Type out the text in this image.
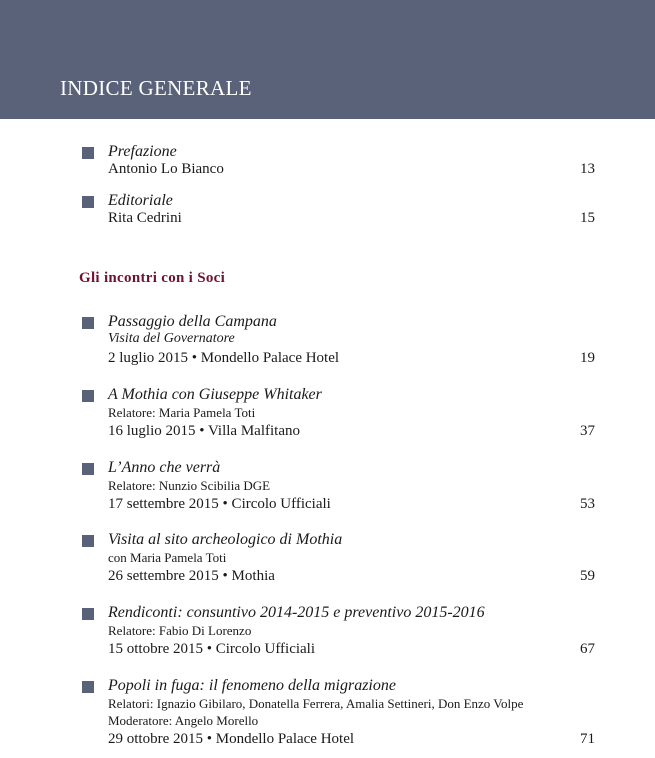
INDICE GENERALE
Prefazione
Antonio Lo Bianco	13
Editoriale
Rita Cedrini	15
Gli incontri con i Soci
Passaggio della Campana
Visita del Governatore
2 luglio 2015 • Mondello Palace Hotel	19
A Mothia con Giuseppe Whitaker
Relatore: Maria Pamela Toti
16 luglio 2015 • Villa Malfitano	37
L’Anno che verrà
Relatore: Nunzio Scibilia DGE
17 settembre 2015 • Circolo Ufficiali	53
Visita al sito archeologico di Mothia
con Maria Pamela Toti
26 settembre 2015 • Mothia	59
Rendiconti: consuntivo 2014-2015 e preventivo 2015-2016
Relatore: Fabio Di Lorenzo
15 ottobre 2015 • Circolo Ufficiali	67
Popoli in fuga: il fenomeno della migrazione
Relatori: Ignazio Gibilaro, Donatella Ferrera, Amalia Settineri, Don Enzo Volpe
Moderatore: Angelo Morello
29 ottobre 2015 • Mondello Palace Hotel	71
